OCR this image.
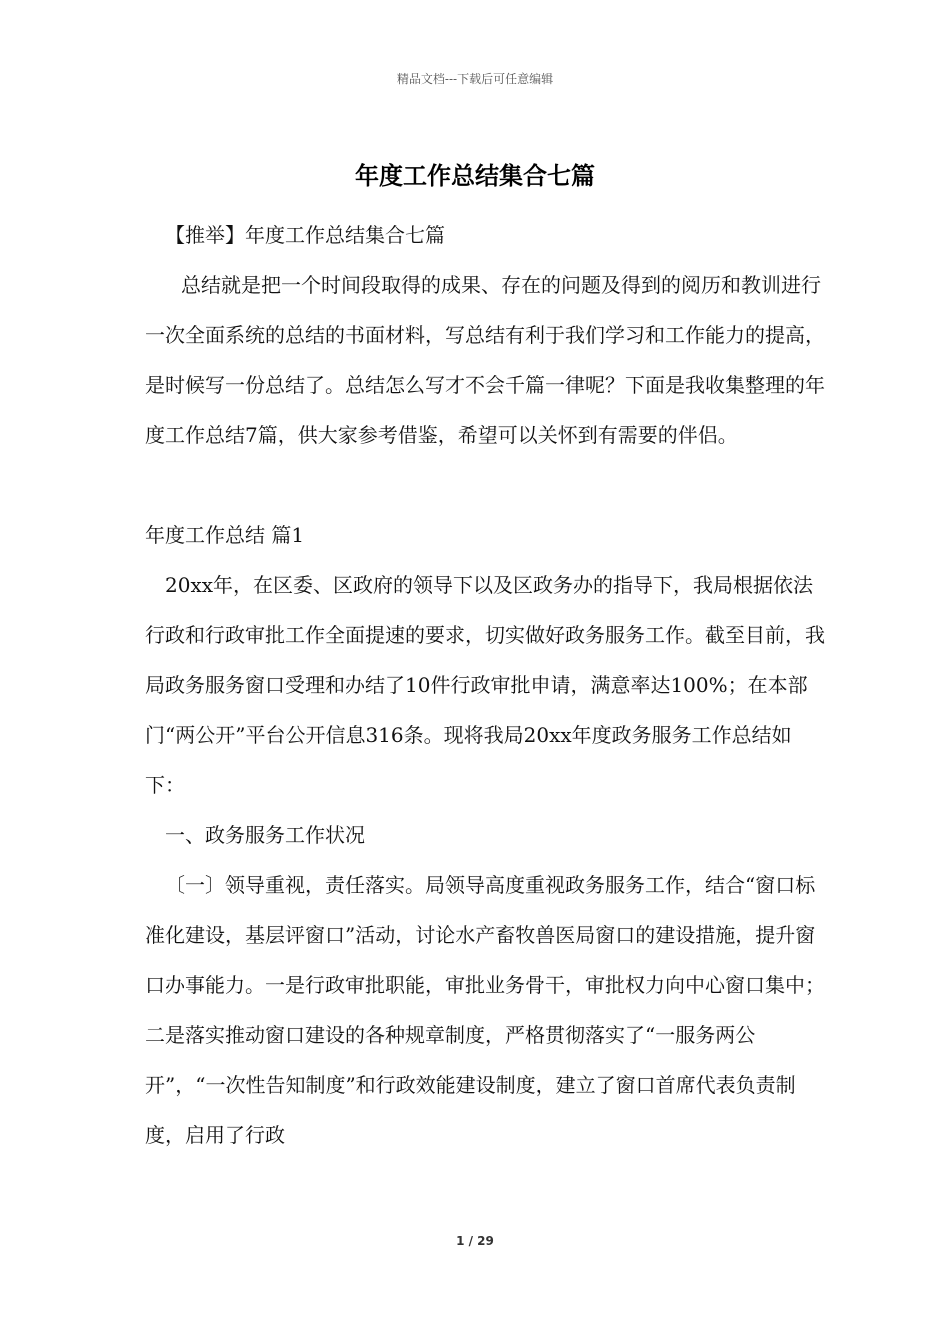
精品文档---下载后可任意编辑
年度工作总结集合七篇

【推举】年度工作总结集合七篇

总结就是把一个时间段取得的成果、存在的问题及得到的阅历和教训进行一次全面系统的总结的书面材料，写总结有利于我们学习和工作能力的提高，是时候写一份总结了。总结怎么写才不会千篇一律呢？下面是我收集整理的年度工作总结7篇，供大家参考借鉴，希望可以关怀到有需要的伴侣。

年度工作总结 篇1

20xx年，在区委、区政府的领导下以及区政务办的指导下，我局根据依法行政和行政审批工作全面提速的要求，切实做好政务服务工作。截至目前，我局政务服务窗口受理和办结了10件行政审批申请，满意率达100%；在本部门“两公开”平台公开信息316条。现将我局20xx年度政务服务工作总结如下：

一、政务服务工作状况

〔一〕领导重视，责任落实。局领导高度重视政务服务工作，结合“窗口标准化建设，基层评窗口”活动，讨论水产畜牧兽医局窗口的建设措施，提升窗口办事能力。一是行政审批职能，审批业务骨干，审批权力向中心窗口集中；二是落实推动窗口建设的各种规章制度，严格贯彻落实了“一服务两公开”，“一次性告知制度”和行政效能建设制度，建立了窗口首席代表负责制度，启用了行政

1 / 29
